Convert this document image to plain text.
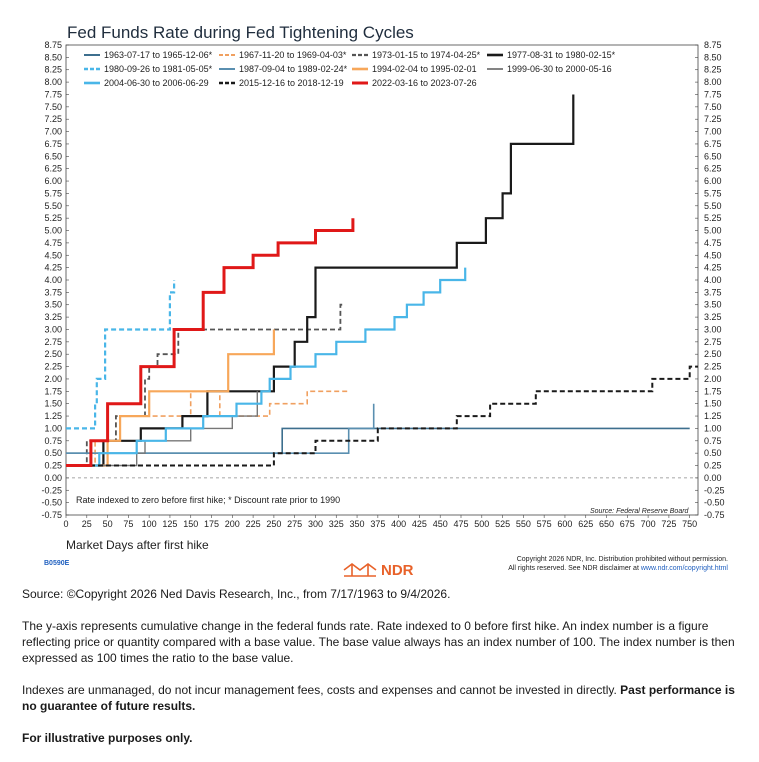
Fed Funds Rate during Fed Tightening Cycles
-0.75
-0.50
-0.25
0.00
0.25
0.50
0.75
1.00
1.25
1.50
1.75
2.00
2.25
2.50
2.75
3.00
3.25
3.50
3.75
4.00
4.25
4.50
4.75
5.00
5.25
5.50
5.75
6.00
6.25
6.50
6.75
7.00
7.25
7.50
7.75
8.00
8.25
8.50
8.75
-0.75
-0.50
-0.25
0.00
0.25
0.50
0.75
1.00
1.25
1.50
1.75
2.00
2.25
2.50
2.75
3.00
3.25
3.50
3.75
4.00
4.25
4.50
4.75
5.00
5.25
5.50
5.75
6.00
6.25
6.50
6.75
7.00
7.25
7.50
7.75
8.00
8.25
8.50
8.75
0 25 50 75 100 125 150 175 200 225 250 275 300 325 350 375 400 425 450 475 500 525 550 575 600 625 650 675 700 725 750
1963-07-17 to 1965-12-06*	1967-11-20 to 1969-04-03*	1973-01-15 to 1974-04-25*	1977-08-31 to 1980-02-15*
1980-09-26 to 1981-05-05*	1987-09-04 to 1989-02-24*	1994-02-04 to 1995-02-01	1999-06-30 to 2000-05-16
2004-06-30 to 2006-06-29	2015-12-16 to 2018-12-19	2022-03-16 to 2023-07-26
Rate indexed to zero before first hike; * Discount rate prior to 1990
Source: Federal Reserve Board
Market Days after first hike
B0590E	NDR
Copyright 2026 NDR, Inc. Distribution prohibited without permission.
All rights reserved. See NDR disclaimer at www.ndr.com/copyright.html

Source: ©Copyright 2026 Ned Davis Research, Inc., from 7/17/1963 to 9/4/2026.

The y-axis represents cumulative change in the federal funds rate. Rate indexed to 0 before first hike. An index number is a figure reflecting price or quantity compared with a base value. The base value always has an index number of 100. The index number is then expressed as 100 times the ratio to the base value.

Indexes are unmanaged, do not incur management fees, costs and expenses and cannot be invested in directly. Past performance is no guarantee of future results.

For illustrative purposes only.
